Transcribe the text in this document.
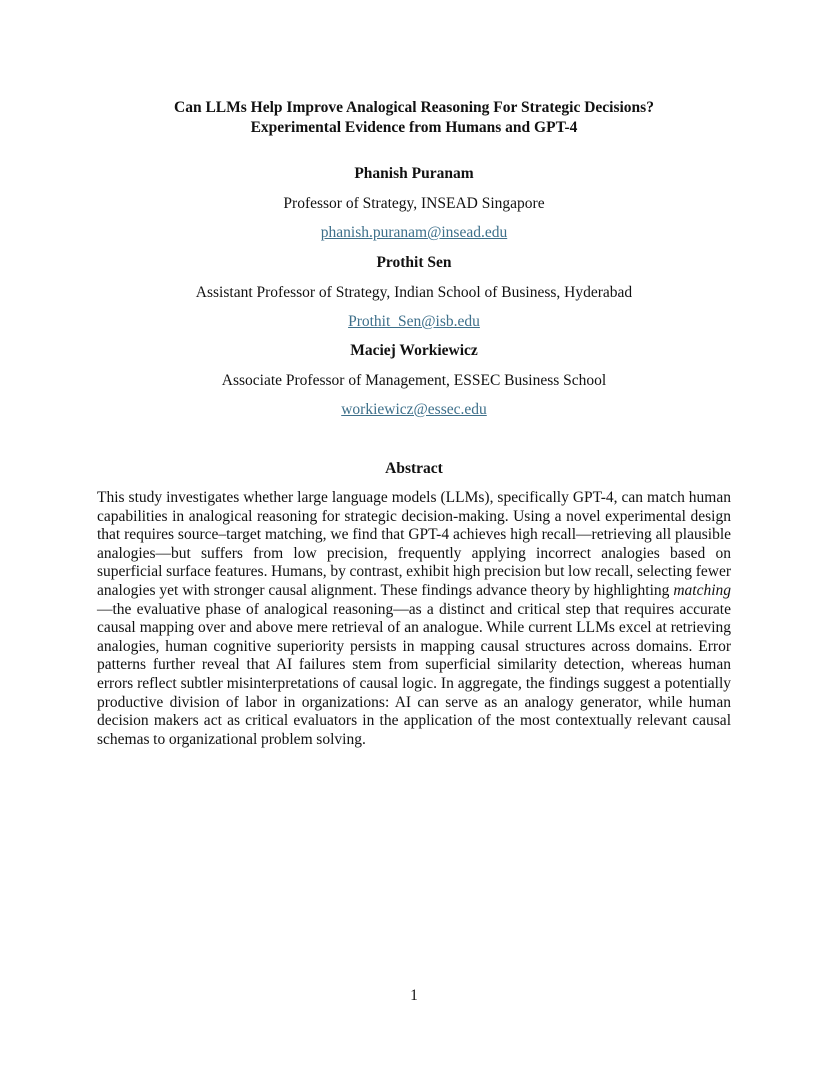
Can LLMs Help Improve Analogical Reasoning For Strategic Decisions?
Experimental Evidence from Humans and GPT-4
Phanish Puranam
Professor of Strategy, INSEAD Singapore
phanish.puranam@insead.edu
Prothit Sen
Assistant Professor of Strategy, Indian School of Business, Hyderabad
Prothit_Sen@isb.edu
Maciej Workiewicz
Associate Professor of Management, ESSEC Business School
workiewicz@essec.edu
Abstract
This study investigates whether large language models (LLMs), specifically GPT-4, can match human capabilities in analogical reasoning for strategic decision-making. Using a novel experimental design that requires source–target matching, we find that GPT-4 achieves high recall—retrieving all plausible analogies—but suffers from low precision, frequently applying incorrect analogies based on superficial surface features. Humans, by contrast, exhibit high precision but low recall, selecting fewer analogies yet with stronger causal alignment. These findings advance theory by highlighting matching—the evaluative phase of analogical reasoning—as a distinct and critical step that requires accurate causal mapping over and above mere retrieval of an analogue. While current LLMs excel at retrieving analogies, human cognitive superiority persists in mapping causal structures across domains. Error patterns further reveal that AI failures stem from superficial similarity detection, whereas human errors reflect subtler misinterpretations of causal logic. In aggregate, the findings suggest a potentially productive division of labor in organizations: AI can serve as an analogy generator, while human decision makers act as critical evaluators in the application of the most contextually relevant causal schemas to organizational problem solving.
1
